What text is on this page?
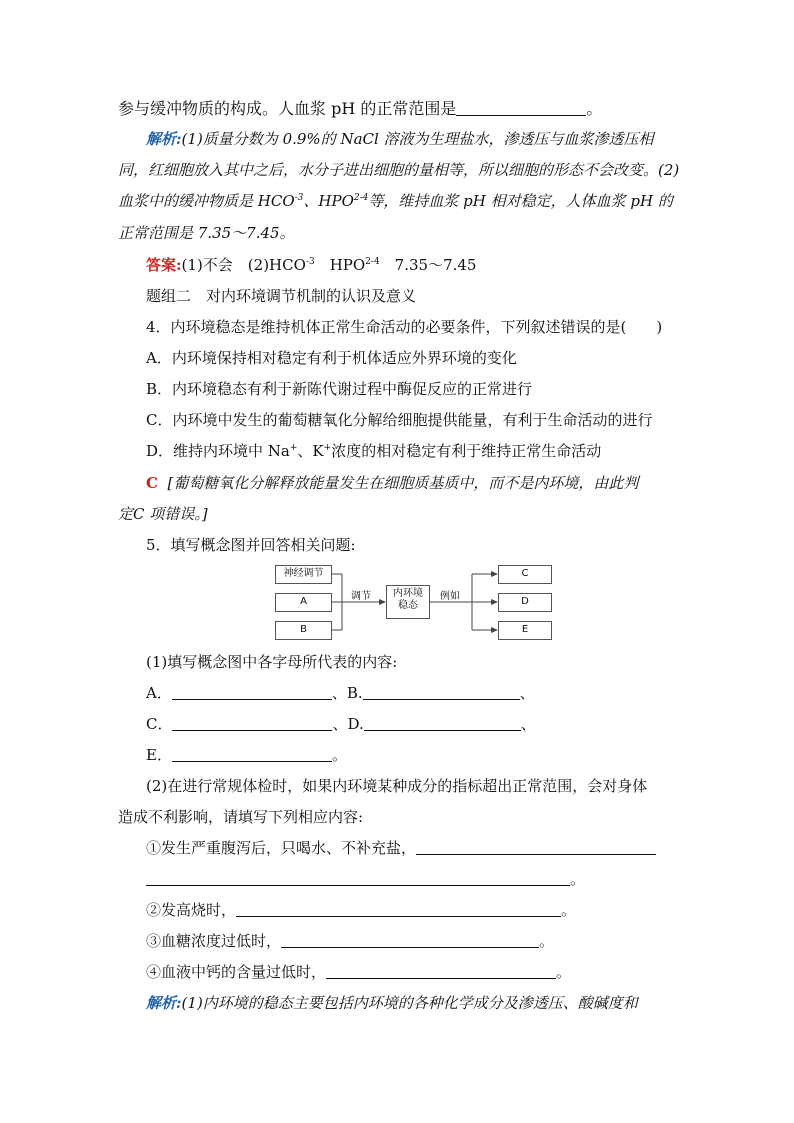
参与缓冲物质的构成。人血浆 pH 的正常范围是	。
解析:(1)质量分数为 0.9%的 NaCl 溶液为生理盐水，渗透压与血浆渗透压相
同，红细胞放入其中之后，水分子进出细胞的量相等，所以细胞的形态不会改变。(2)
血浆中的缓冲物质是 $HCO^{-3}$、HPO$^{2-4}$等，维持血浆 pH 相对稳定，人体血浆 pH 的
正常范围是 7.35～7.45。
答案:(1)不会　$(2)HCO^{-3}$　HPO$^{2-4}$　7.35～7.45
题组二　对内环境调节机制的认识及意义
4．内环境稳态是维持机体正常生命活动的必要条件，下列叙述错误的是(　　)
A．内环境保持相对稳定有利于机体适应外界环境的变化
B．内环境稳态有利于新陈代谢过程中酶促反应的正常进行
C．内环境中发生的葡萄糖氧化分解给细胞提供能量，有利于生命活动的进行
D．维持内环境中 Na+、K+浓度的相对稳定有利于维持正常生命活动
C [葡萄糖氧化分解释放能量发生在细胞质基质中，而不是内环境，由此判
定C 项错误。]
5．填写概念图并回答相关问题:
神经调节
A
B
调节	内环境
稳态
例如
C
D
E
(1)填写概念图中各字母所代表的内容:
A．	、B.	、
C．	、D.	、
E．	。
(2)在进行常规体检时，如果内环境某种成分的指标超出正常范围，会对身体
造成不利影响，请填写下列相应内容:
①发生严重腹泻后，只喝水、不补充盐，
。
②发高烧时，	。
③血糖浓度过低时，	。
④血液中钙的含量过低时，	。
解析:(1)内环境的稳态主要包括内环境的各种化学成分及渗透压、酸碱度和
